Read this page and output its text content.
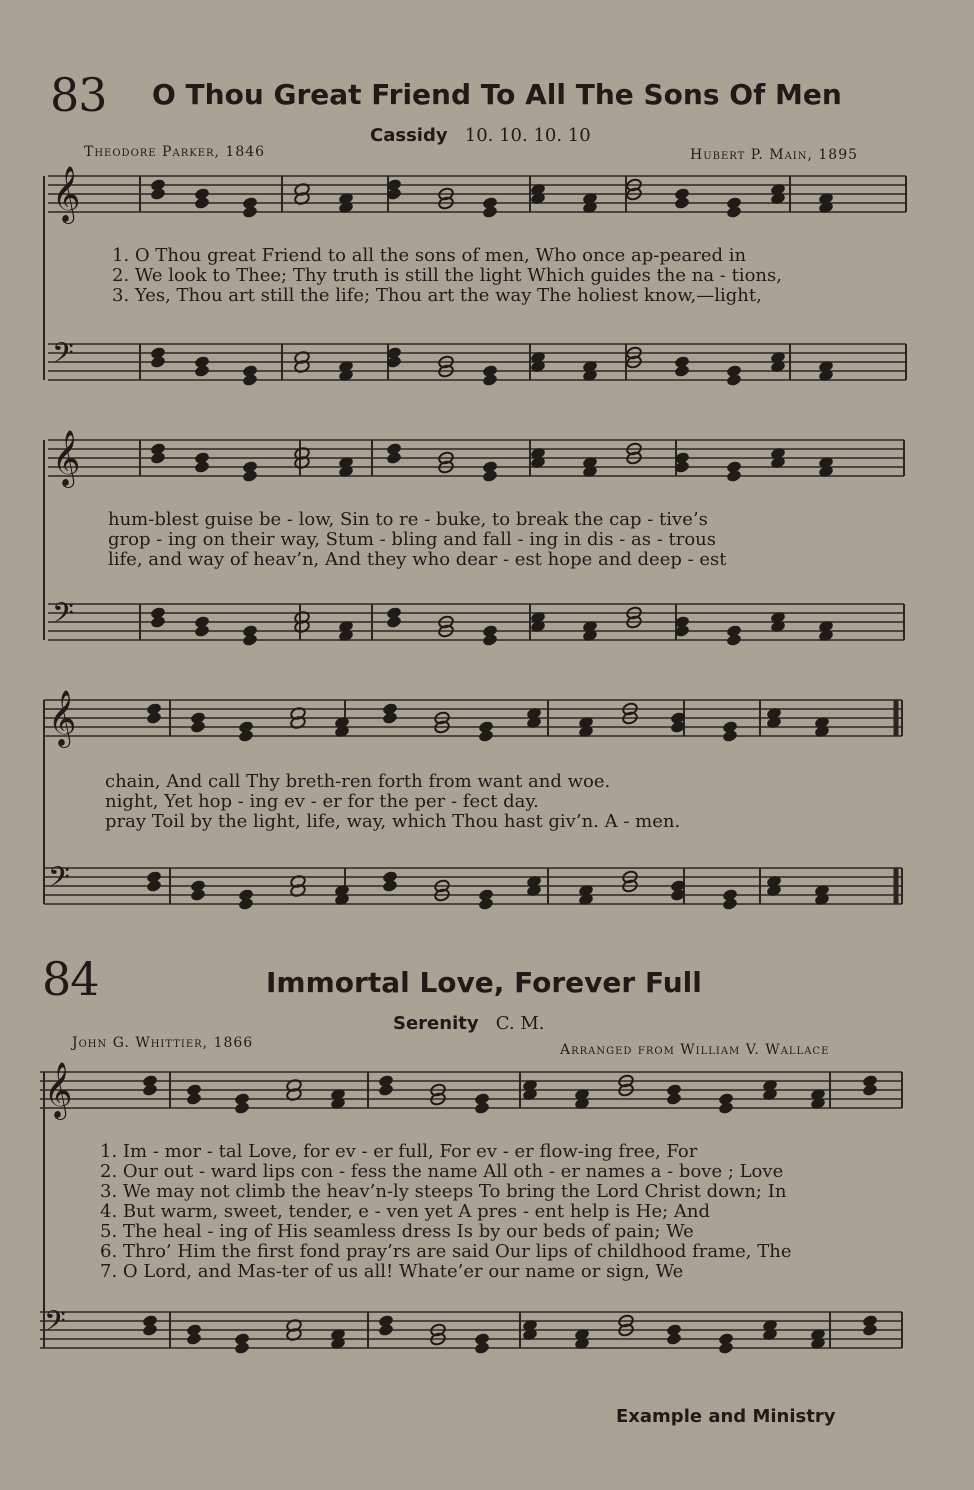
𝄞
𝄢
𝄞
𝄢
𝄞
𝄢
𝄞
𝄢
83 O Thou Great Friend To All The Sons Of Men
Cassidy 10. 10. 10. 10
Theodore Parker, 1846	Hubert P. Main, 1895
1. O Thou great Friend to all the sons of men, Who once ap-peared in
2. We look to Thee; Thy truth is still the light Which guides the na - tions,
3. Yes, Thou art still the life; Thou art the way The holiest know,—light,
hum-blest guise be - low, Sin to re - buke, to break the cap - tive’s
grop - ing on their way, Stum - bling and fall - ing in dis - as - trous
life, and way of heav’n, And they who dear - est hope and deep - est
chain, And call Thy breth-ren forth from want and woe.
night, Yet hop - ing ev - er for the per - fect day.
pray Toil by the light, life, way, which Thou hast giv’n. A - men.
84	Immortal Love, Forever Full
Serenity C. M.
John G. Whittier, 1866	Arranged from William V. Wallace
1. Im - mor - tal Love, for ev - er full, For ev - er flow-ing free, For
2. Our out - ward lips con - fess the name All oth - er names a - bove ; Love
3. We may not climb the heav’n-ly steeps To bring the Lord Christ down; In
4. But warm, sweet, tender, e - ven yet A pres - ent help is He; And
5. The heal - ing of His seamless dress Is by our beds of pain; We
6. Thro’ Him the first fond pray’rs are said Our lips of childhood frame, The
7. O Lord, and Mas-ter of us all! Whate’er our name or sign, We
Example and Ministry
